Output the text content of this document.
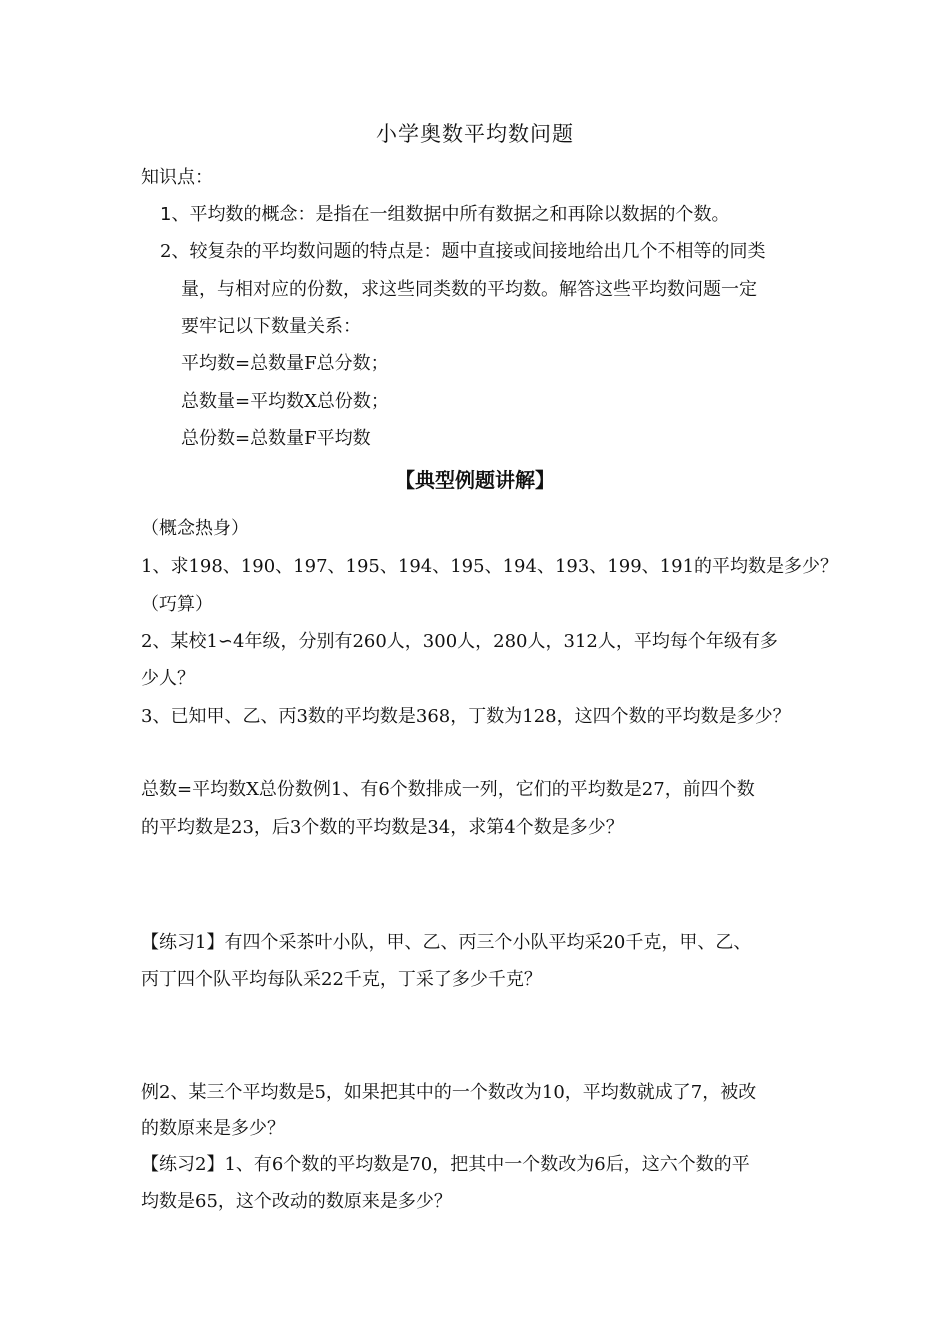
小学奥数平均数问题
知识点：
1、平均数的概念：是指在一组数据中所有数据之和再除以数据的个数。
2、较复杂的平均数问题的特点是：题中直接或间接地给出几个不相等的同类
量，与相对应的份数，求这些同类数的平均数。解答这些平均数问题一定
要牢记以下数量关系：
平均数=总数量F总分数；
总数量=平均数X总份数；
总份数=总数量F平均数
【典型例题讲解】
（概念热身）
1、求198、190、197、195、194、195、194、193、199、191的平均数是多少？
（巧算）
2、某校1∽4年级，分别有260人，300人，280人，312人，平均每个年级有多
少人？
3、已知甲、乙、丙3数的平均数是368，丁数为128，这四个数的平均数是多少？
总数=平均数X总份数例1、有6个数排成一列，它们的平均数是27，前四个数
的平均数是23，后3个数的平均数是34，求第4个数是多少？
【练习1】有四个采茶叶小队，甲、乙、丙三个小队平均采20千克，甲、乙、
丙丁四个队平均每队采22千克，丁采了多少千克？
例2、某三个平均数是5，如果把其中的一个数改为10，平均数就成了7，被改
的数原来是多少？
【练习2】1、有6个数的平均数是70，把其中一个数改为6后，这六个数的平
均数是65，这个改动的数原来是多少？
